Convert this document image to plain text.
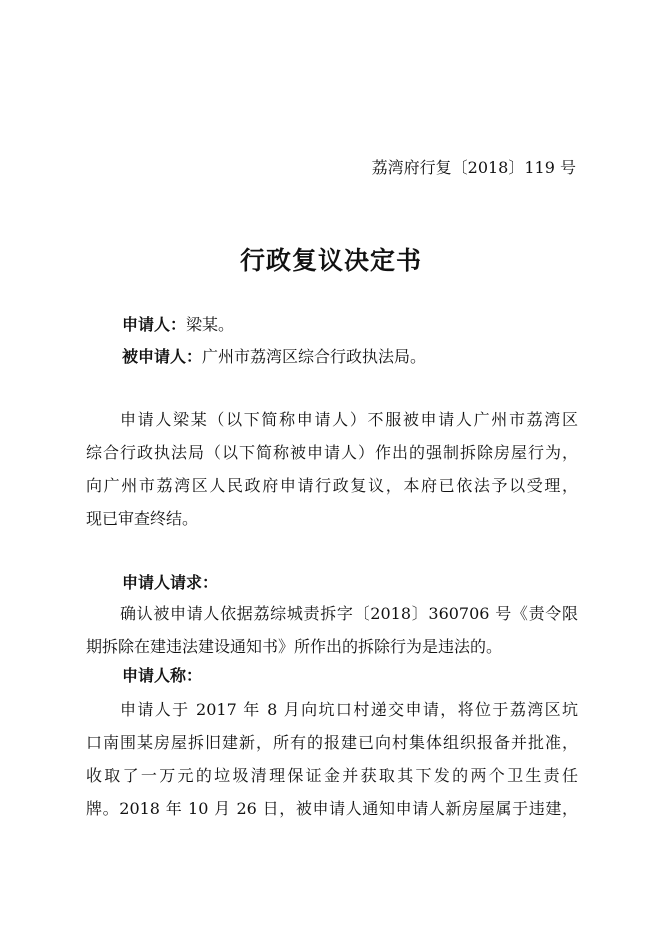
荔湾府行复〔2018〕119 号
行政复议决定书
申请人：梁某。
被申请人：广州市荔湾区综合行政执法局。
申请人梁某（以下简称申请人）不服被申请人广州市荔湾区
综合行政执法局（以下简称被申请人）作出的强制拆除房屋行为，
向广州市荔湾区人民政府申请行政复议，本府已依法予以受理，
现已审查终结。
申请人请求：
确认被申请人依据荔综城责拆字〔2018〕360706 号《责令限
期拆除在建违法建设通知书》所作出的拆除行为是违法的。
申请人称：
申请人于 2017 年 8 月向坑口村递交申请，将位于荔湾区坑
口南围某房屋拆旧建新，所有的报建已向村集体组织报备并批准，
收取了一万元的垃圾清理保证金并获取其下发的两个卫生责任
牌。2018 年 10 月 26 日，被申请人通知申请人新房屋属于违建，
